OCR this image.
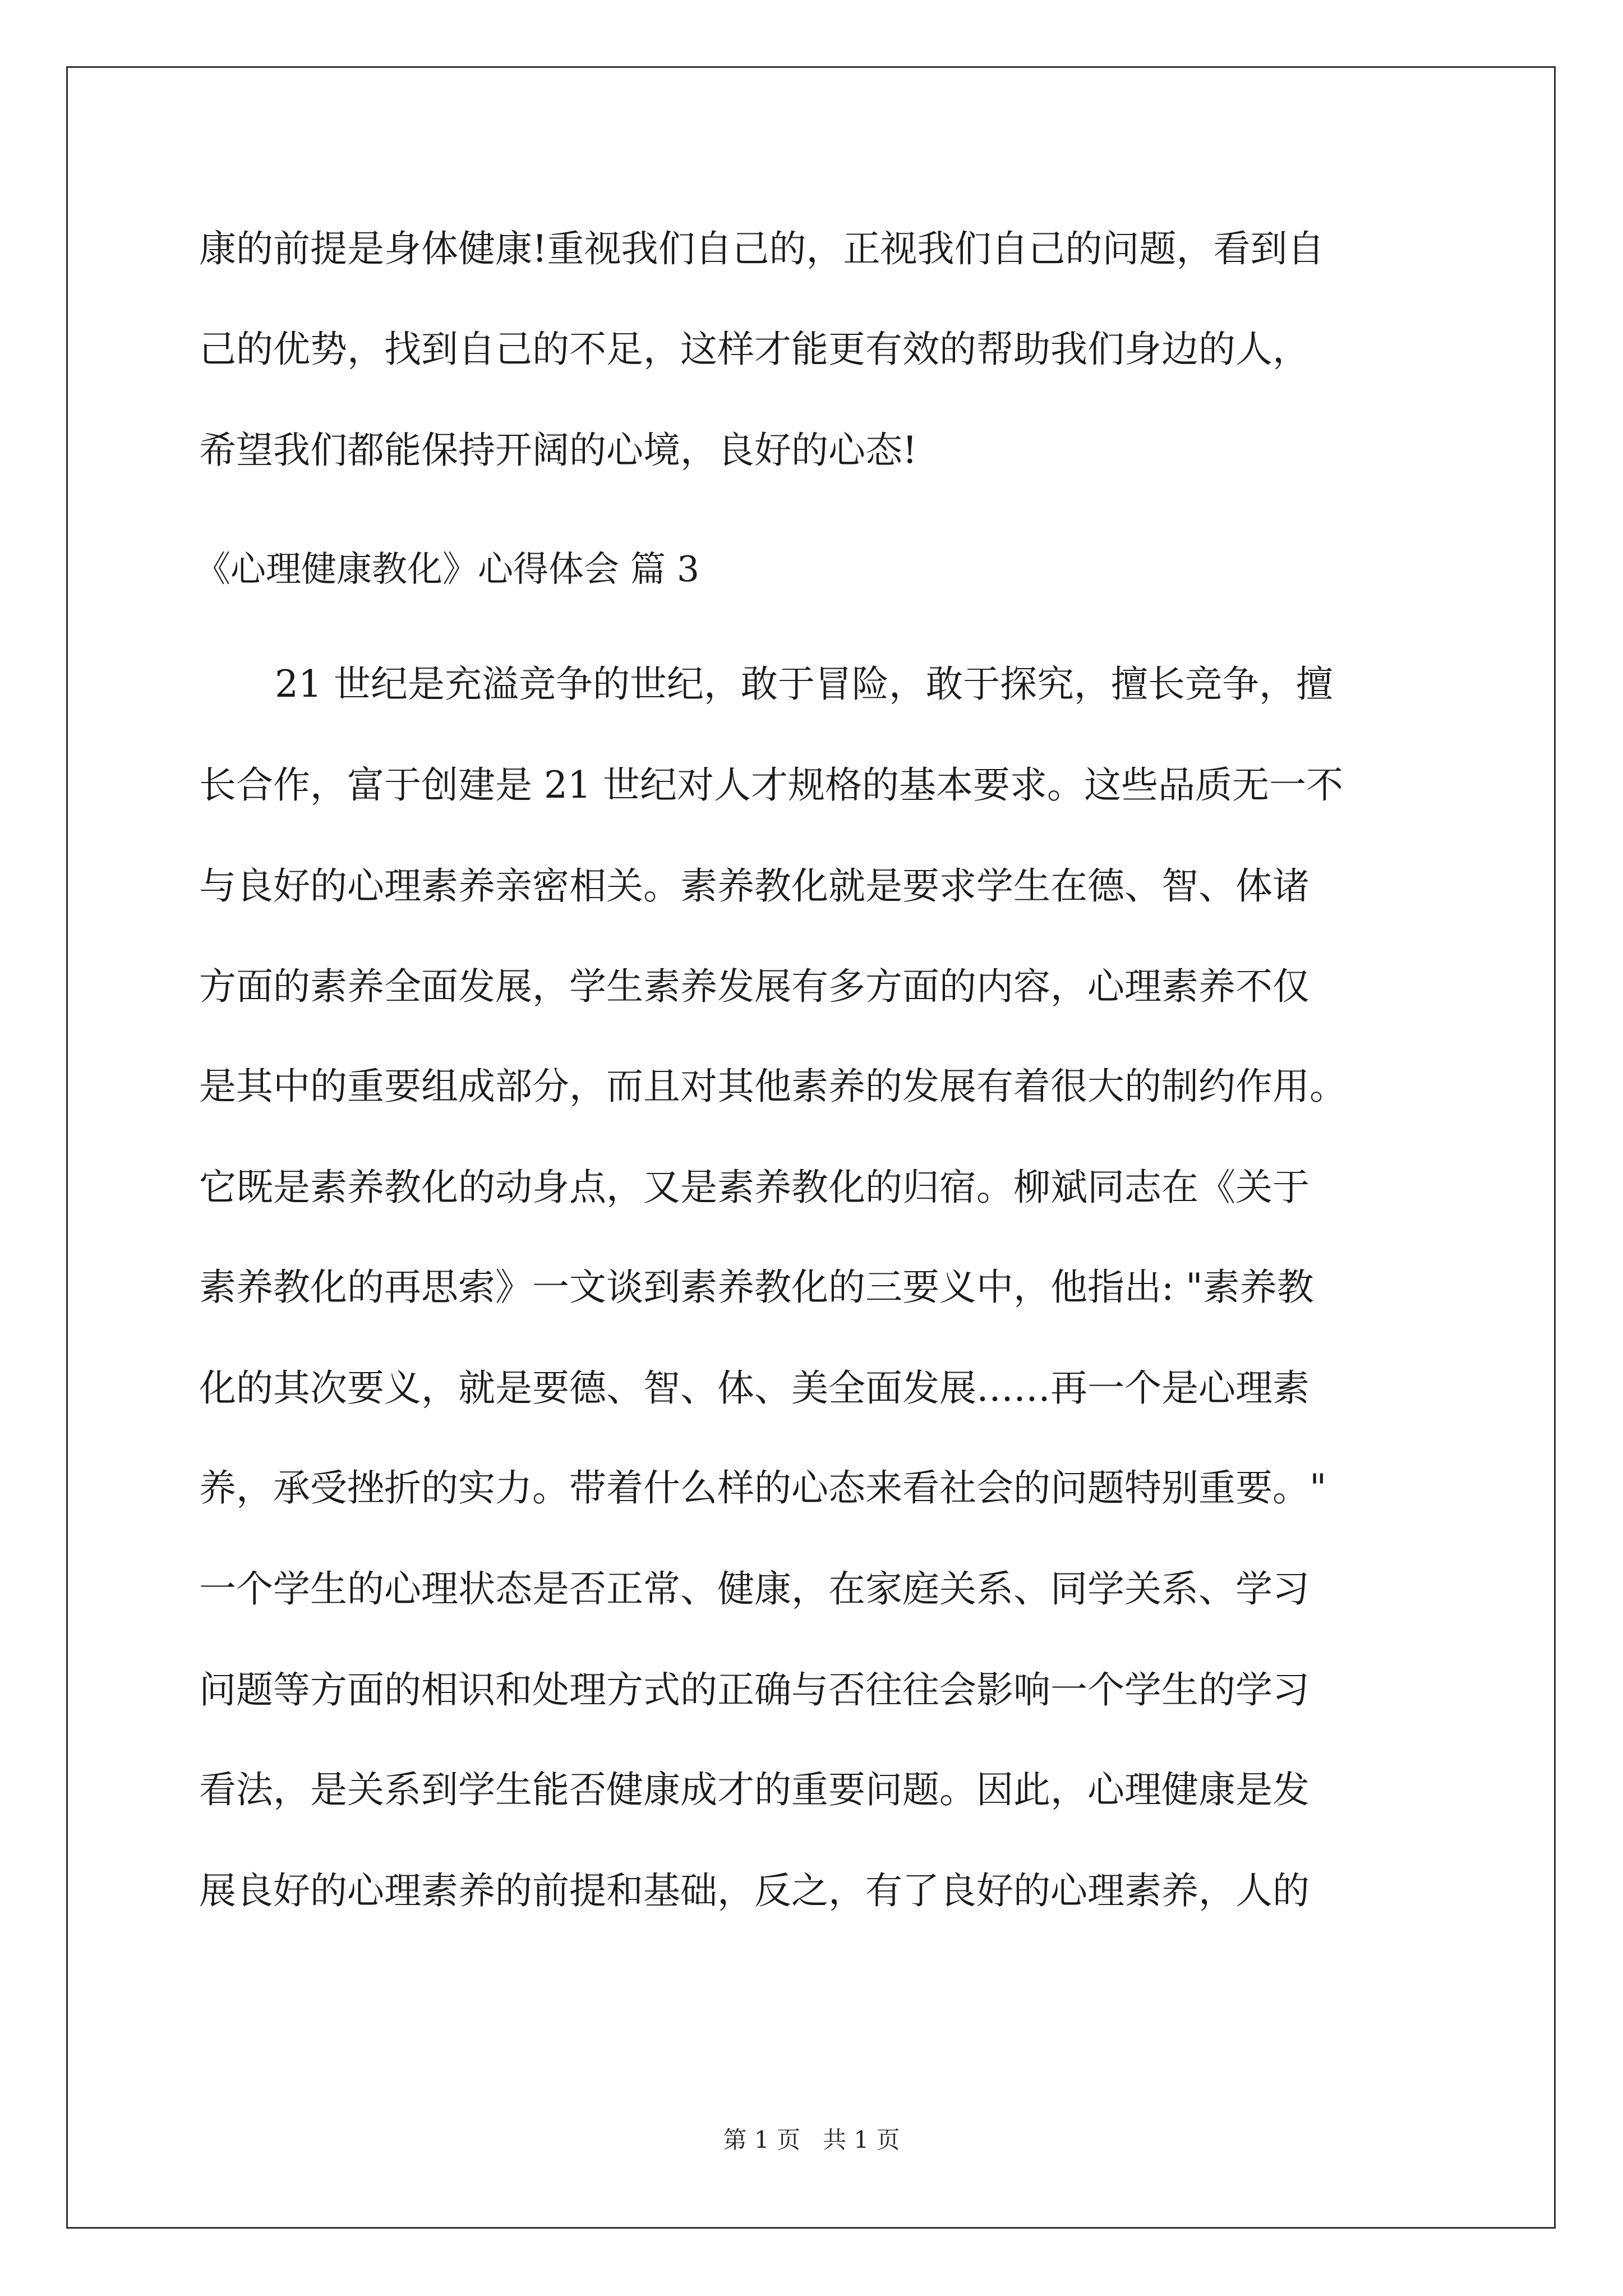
康的前提是身体健康!重视我们自己的，正视我们自己的问题，看到自

己的优势，找到自己的不足，这样才能更有效的帮助我们身边的人，

希望我们都能保持开阔的心境，良好的心态!

《心理健康教化》心得体会 篇 3

21 世纪是充溢竞争的世纪，敢于冒险，敢于探究，擅长竞争，擅

长合作，富于创建是 21 世纪对人才规格的基本要求。这些品质无一不

与良好的心理素养亲密相关。素养教化就是要求学生在德、智、体诸

方面的素养全面发展，学生素养发展有多方面的内容，心理素养不仅

是其中的重要组成部分，而且对其他素养的发展有着很大的制约作用。

它既是素养教化的动身点，又是素养教化的归宿。柳斌同志在《关于

素养教化的再思索》一文谈到素养教化的三要义中，他指出: "素养教

化的其次要义，就是要德、智、体、美全面发展……再一个是心理素

养，承受挫折的实力。带着什么样的心态来看社会的问题特别重要。"

一个学生的心理状态是否正常、健康，在家庭关系、同学关系、学习

问题等方面的相识和处理方式的正确与否往往会影响一个学生的学习

看法，是关系到学生能否健康成才的重要问题。因此，心理健康是发

展良好的心理素养的前提和基础，反之，有了良好的心理素养，人的

第 1 页   共 1 页
